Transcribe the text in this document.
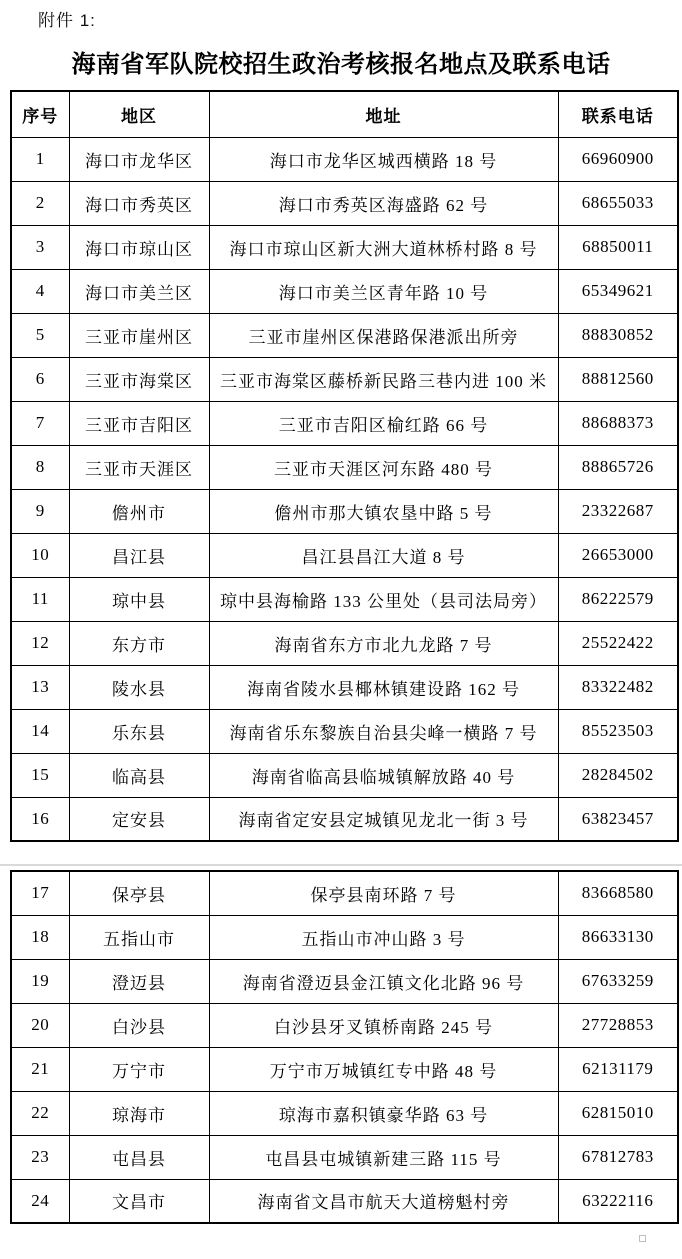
附件 1:
海南省军队院校招生政治考核报名地点及联系电话
序号	地区	地址	联系电话
1	海口市龙华区	海口市龙华区城西横路 18 号	66960900
2	海口市秀英区	海口市秀英区海盛路 62 号	68655033
3	海口市琼山区	海口市琼山区新大洲大道林桥村路 8 号	68850011
4	海口市美兰区	海口市美兰区青年路 10 号	65349621
5	三亚市崖州区	三亚市崖州区保港路保港派出所旁	88830852
6	三亚市海棠区	三亚市海棠区藤桥新民路三巷内进 100 米	88812560
7	三亚市吉阳区	三亚市吉阳区榆红路 66 号	88688373
8	三亚市天涯区	三亚市天涯区河东路 480 号	88865726
9	儋州市	儋州市那大镇农垦中路 5 号	23322687
10	昌江县	昌江县昌江大道 8 号	26653000
11	琼中县	琼中县海榆路 133 公里处（县司法局旁）	86222579
12	东方市	海南省东方市北九龙路 7 号	25522422
13	陵水县	海南省陵水县椰林镇建设路 162 号	83322482
14	乐东县	海南省乐东黎族自治县尖峰一横路 7 号	85523503
15	临高县	海南省临高县临城镇解放路 40 号	28284502
16	定安县	海南省定安县定城镇见龙北一街 3 号	63823457
17	保亭县	保亭县南环路 7 号	83668580
18	五指山市	五指山市冲山路 3 号	86633130
19	澄迈县	海南省澄迈县金江镇文化北路 96 号	67633259
20	白沙县	白沙县牙叉镇桥南路 245 号	27728853
21	万宁市	万宁市万城镇红专中路 48 号	62131179
22	琼海市	琼海市嘉积镇豪华路 63 号	62815010
23	屯昌县	屯昌县屯城镇新建三路 115 号	67812783
24	文昌市	海南省文昌市航天大道榜魁村旁	63222116
